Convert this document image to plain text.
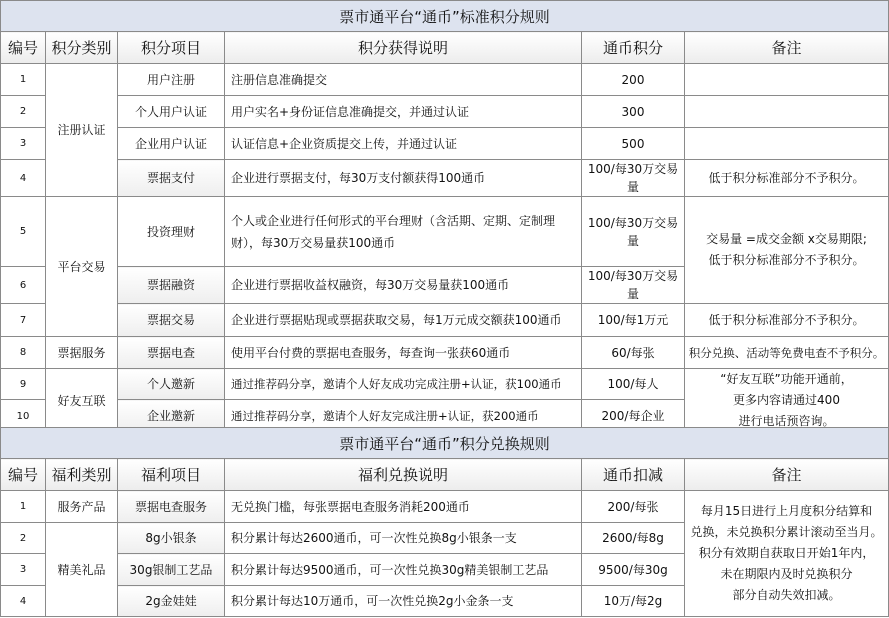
票市通平台“通币”标准积分规则					
编号	积分类别	积分项目	积分获得说明	通币积分	备注
1	注册认证	用户注册	注册信息准确提交	200	
2		个人用户认证	用户实名+身份证信息准确提交，并通过认证	300	
3		企业用户认证	认证信息+企业资质提交上传，并通过认证	500	
4		票据支付	企业进行票据支付，每30万支付额获得100通币	100/每30万交易量	低于积分标准部分不予积分。
5	平台交易	投资理财	个人或企业进行任何形式的平台理财（含活期、定期、定制理财），每30万交易量获100通币	100/每30万交易量	交易量 =成交金额 x交易期限;
低于积分标准部分不予积分。

6		票据融资	企业进行票据收益权融资，每30万交易量获100通币	100/每30万交易量	
7		票据交易	企业进行票据贴现或票据获取交易，每1万元成交额获100通币	100/每1万元	低于积分标准部分不予积分。
8	票据服务	票据电查	使用平台付费的票据电查服务，每查询一张获60通币	60/每张	积分兑换、活动等免费电查不予积分。
9	好友互联	个人邀新	通过推荐码分享，邀请个人好友成功完成注册+认证，获100通币	100/每人	“好友互联”功能开通前，
更多内容请通过400
进行电话预咨询。

10		企业邀新	通过推荐码分享，邀请个人好友完成注册+认证，获200通币	200/每企业	
票市通平台“通币”积分兑换规则					
编号	福利类别	福利项目	福利兑换说明	通币扣减	备注
1	服务产品	票据电查服务	无兑换门槛，每张票据电查服务消耗200通币	200/每张	每月15日进行上月度积分结算和
兑换，未兑换积分累计滚动至当月。
积分有效期自获取日开始1年内，
未在期限内及时兑换积分
部分自动失效扣减。

2	精美礼品	8g小银条	积分累计每达2600通币，可一次性兑换8g小银条一支	2600/每8g	
3		30g银制工艺品	积分累计每达9500通币，可一次性兑换30g精美银制工艺品	9500/每30g	
4		2g金娃娃	积分累计每达10万通币，可一次性兑换2g小金条一支	10万/每2g	
